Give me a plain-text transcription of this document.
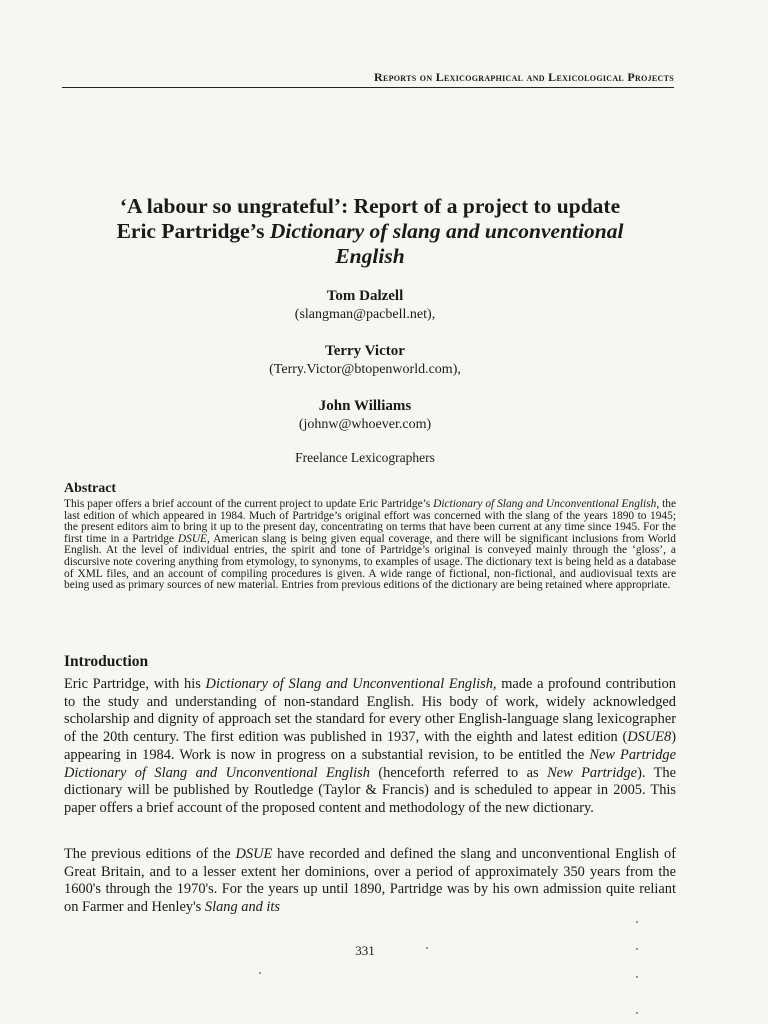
Reports on Lexicographical and Lexicological Projects
‘A labour so ungrateful’: Report of a project to update
Eric Partridge’s Dictionary of slang and unconventional
English
Tom Dalzell
(slangman@pacbell.net),
Terry Victor
(Terry.Victor@btopenworld.com),
John Williams
(johnw@whoever.com)
Freelance Lexicographers
Abstract
This paper offers a brief account of the current project to update Eric Partridge’s Dictionary of Slang and Unconventional English, the last edition of which appeared in 1984. Much of Partridge’s original effort was concerned with the slang of the years 1890 to 1945; the present editors aim to bring it up to the present day, concentrating on terms that have been current at any time since 1945. For the first time in a Partridge DSUE, American slang is being given equal coverage, and there will be significant inclusions from World English. At the level of individual entries, the spirit and tone of Partridge’s original is conveyed mainly through the ‘gloss’, a discursive note covering anything from etymology, to synonyms, to examples of usage. The dictionary text is being held as a database of XML files, and an account of compiling procedures is given. A wide range of fictional, non-fictional, and audiovisual texts are being used as primary sources of new material. Entries from previous editions of the dictionary are being retained where appropriate.
Introduction
Eric Partridge, with his Dictionary of Slang and Unconventional English, made a profound contribution to the study and understanding of non-standard English. His body of work, widely acknowledged scholarship and dignity of approach set the standard for every other English-language slang lexicographer of the 20th century. The first edition was published in 1937, with the eighth and latest edition (DSUE8) appearing in 1984. Work is now in progress on a substantial revision, to be entitled the New Partridge Dictionary of Slang and Unconventional English (henceforth referred to as New Partridge). The dictionary will be published by Routledge (Taylor & Francis) and is scheduled to appear in 2005. This paper offers a brief account of the proposed content and methodology of the new dictionary.
The previous editions of the DSUE have recorded and defined the slang and unconventional English of Great Britain, and to a lesser extent her dominions, over a period of approximately 350 years from the 1600's through the 1970's. For the years up until 1890, Partridge was by his own admission quite reliant on Farmer and Henley's Slang and its
331
